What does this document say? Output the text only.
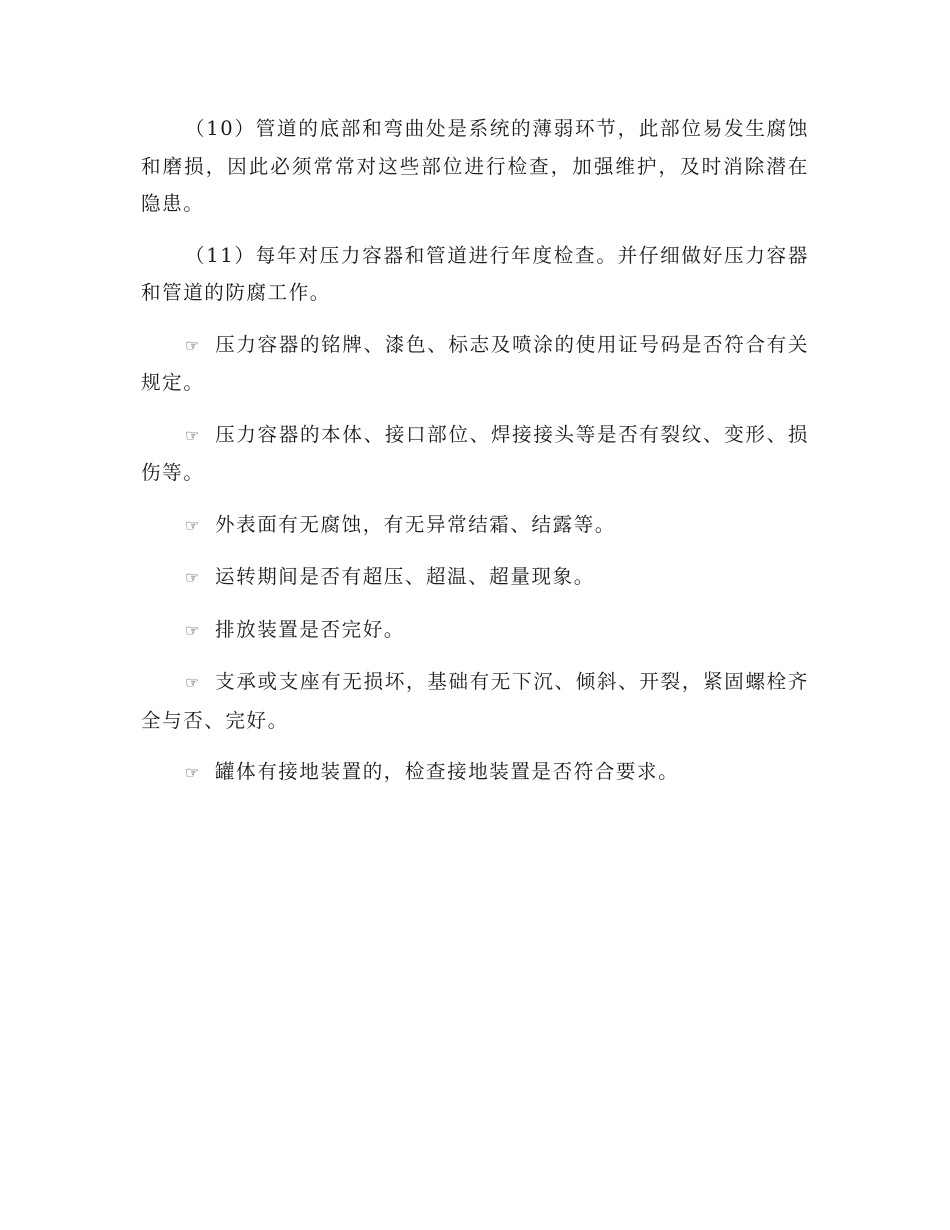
（10）管道的底部和弯曲处是系统的薄弱环节，此部位易发生腐蚀和磨损，因此必须常常对这些部位进行检查，加强维护，及时消除潜在隐患。

（11）每年对压力容器和管道进行年度检查。并仔细做好压力容器和管道的防腐工作。

☞ 压力容器的铭牌、漆色、标志及喷涂的使用证号码是否符合有关规定。

☞ 压力容器的本体、接口部位、焊接接头等是否有裂纹、变形、损伤等。

☞ 外表面有无腐蚀，有无异常结霜、结露等。

☞ 运转期间是否有超压、超温、超量现象。

☞ 排放装置是否完好。

☞ 支承或支座有无损坏，基础有无下沉、倾斜、开裂，紧固螺栓齐全与否、完好。

☞ 罐体有接地装置的，检查接地装置是否符合要求。
